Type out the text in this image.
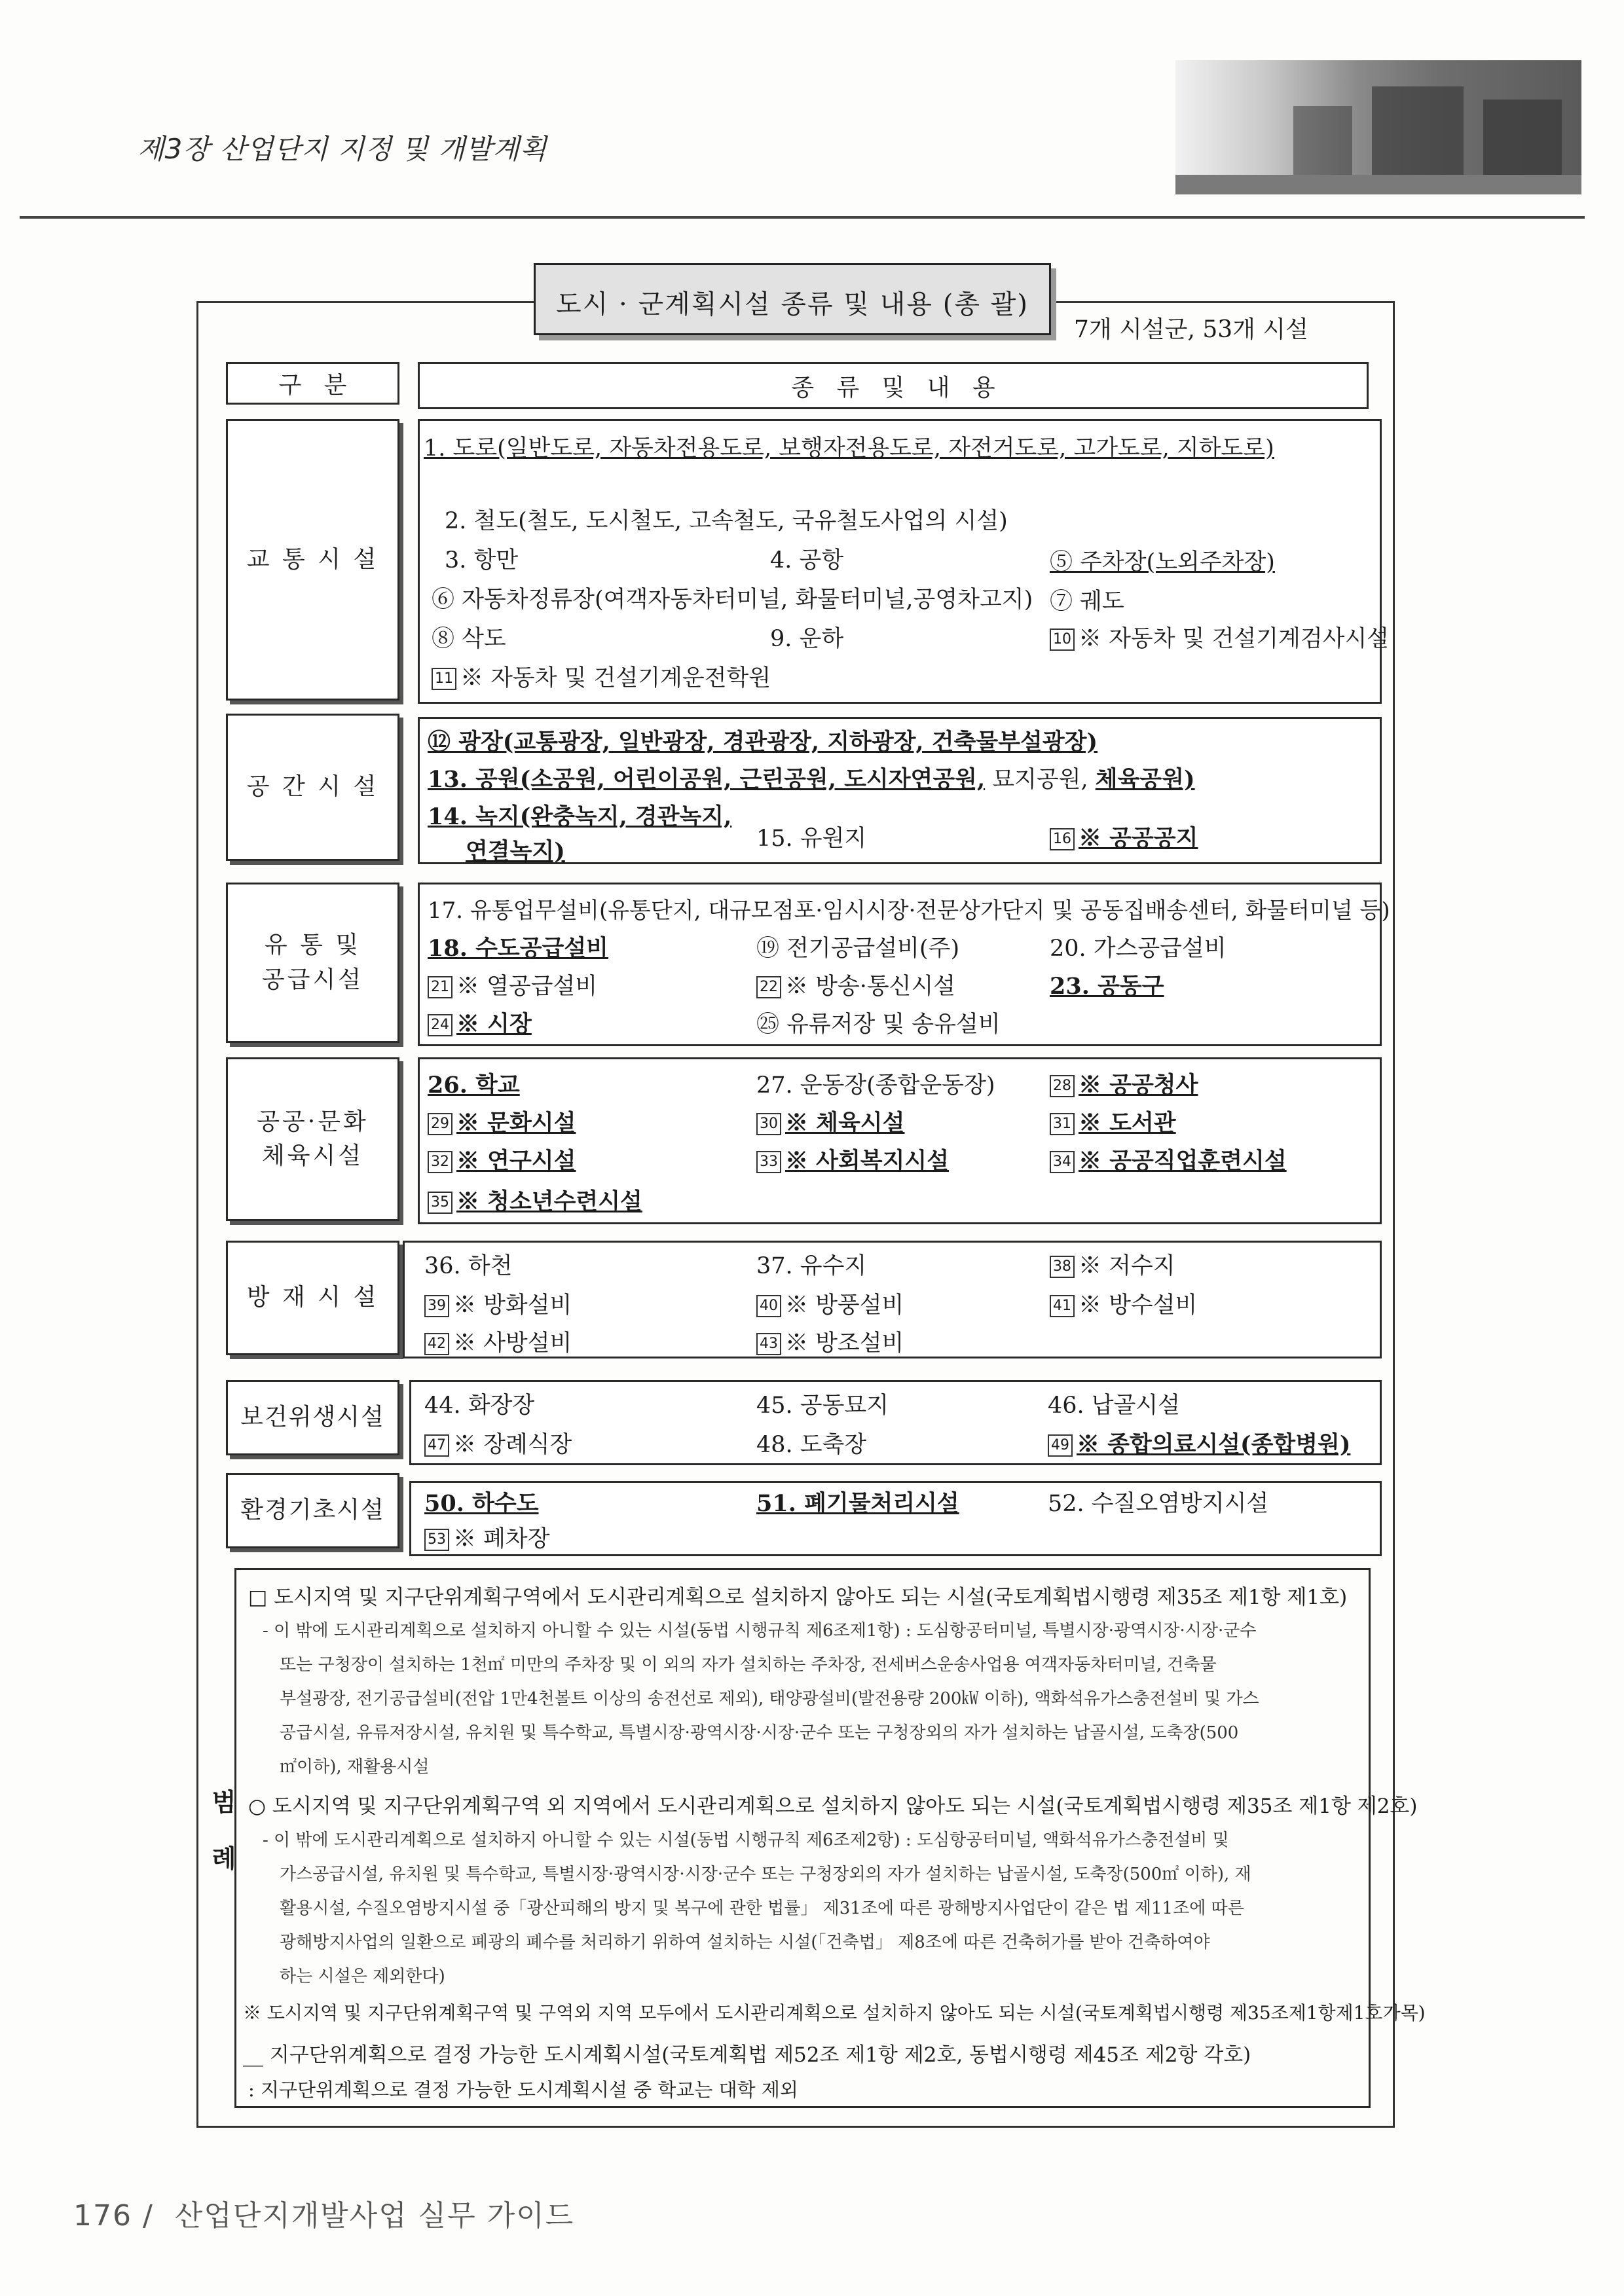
제3장 산업단지 지정 및 개발계획
도시 · 군계획시설 종류 및 내용 (총 괄)
7개 시설군, 53개 시설
구   분	종   류   및   내   용
교 통 시 설
1. 도로(일반도로, 자동차전용도로, 보행자전용도로, 자전거도로, 고가도로, 지하도로)
2. 철도(철도, 도시철도, 고속철도, 국유철도사업의 시설)
3. 항만	4. 공항	⑤ 주차장(노외주차장)
⑥ 자동차정류장(여객자동차터미널, 화물터미널,공영차고지) ⑦ 궤도
⑧ 삭도	9. 운하	10 ※ 자동차 및 건설기계검사시설
11 ※ 자동차 및 건설기계운전학원
공 간 시 설
⑫ 광장(교통광장, 일반광장, 경관광장, 지하광장, 건축물부설광장)
13. 공원(소공원, 어린이공원, 근린공원, 도시자연공원, 묘지공원, 체육공원)
14. 녹지(완충녹지, 경관녹지,
연결녹지)	15. 유원지	16 ※ 공공공지
유 통 및
공급시설
17. 유통업무설비(유통단지, 대규모점포·임시시장·전문상가단지 및 공동집배송센터, 화물터미널 등)
18. 수도공급설비	⑲ 전기공급설비(주)	20. 가스공급설비
21 ※ 열공급설비	22 ※ 방송·통신시설	23. 공동구
24 ※ 시장	㉕ 유류저장 및 송유설비
공공·문화
체육시설
26. 학교	27. 운동장(종합운동장)	28 ※ 공공청사
29 ※ 문화시설	30 ※ 체육시설	31 ※ 도서관
32 ※ 연구시설	33 ※ 사회복지시설	34 ※ 공공직업훈련시설
35 ※ 청소년수련시설
방 재 시 설
36. 하천	37. 유수지	38 ※ 저수지
39 ※ 방화설비	40 ※ 방풍설비	41 ※ 방수설비
42 ※ 사방설비	43 ※ 방조설비
보건위생시설 44. 화장장	45. 공동묘지	46. 납골시설
47 ※ 장례식장	48. 도축장	49 ※ 종합의료시설(종합병원)
환경기초시설 50. 하수도	51. 폐기물처리시설	52. 수질오염방지시설
53 ※ 폐차장
□ 도시지역 및 지구단위계획구역에서 도시관리계획으로 설치하지 않아도 되는 시설(국토계획법시행령 제35조 제1항 제1호)
- 이 밖에 도시관리계획으로 설치하지 아니할 수 있는 시설(동법 시행규칙 제6조제1항) : 도심항공터미널, 특별시장·광역시장·시장·군수
또는 구청장이 설치하는 1천㎡ 미만의 주차장 및 이 외의 자가 설치하는 주차장, 전세버스운송사업용 여객자동차터미널, 건축물
부설광장, 전기공급설비(전압 1만4천볼트 이상의 송전선로 제외), 태양광설비(발전용량 200㎾ 이하), 액화석유가스충전설비 및 가스
공급시설, 유류저장시설, 유치원 및 특수학교, 특별시장·광역시장·시장·군수 또는 구청장외의 자가 설치하는 납골시설, 도축장(500
㎡이하), 재활용시설
○ 도시지역 및 지구단위계획구역 외 지역에서 도시관리계획으로 설치하지 않아도 되는 시설(국토계획법시행령 제35조 제1항 제2호)
- 이 밖에 도시관리계획으로 설치하지 아니할 수 있는 시설(동법 시행규칙 제6조제2항) : 도심항공터미널, 액화석유가스충전설비 및
가스공급시설, 유치원 및 특수학교, 특별시장·광역시장·시장·군수 또는 구청장외의 자가 설치하는 납골시설, 도축장(500㎡ 이하), 재
활용시설, 수질오염방지시설 중「광산피해의 방지 및 복구에 관한 법률」 제31조에 따른 광해방지사업단이 같은 법 제11조에 따른
광해방지사업의 일환으로 폐광의 폐수를 처리하기 위하여 설치하는 시설(「건축법」 제8조에 따른 건축허가를 받아 건축하여야
하는 시설은 제외한다)
※ 도시지역 및 지구단위계획구역 및 구역외 지역 모두에서 도시관리계획으로 설치하지 않아도 되는 시설(국토계획법시행령 제35조제1항제1호가목)
__ 지구단위계획으로 결정 가능한 도시계획시설(국토계획법 제52조 제1항 제2호, 동법시행령 제45조 제2항 각호)
: 지구단위계획으로 결정 가능한 도시계획시설 중 학교는 대학 제외
범
례
176 /  산업단지개발사업 실무 가이드
